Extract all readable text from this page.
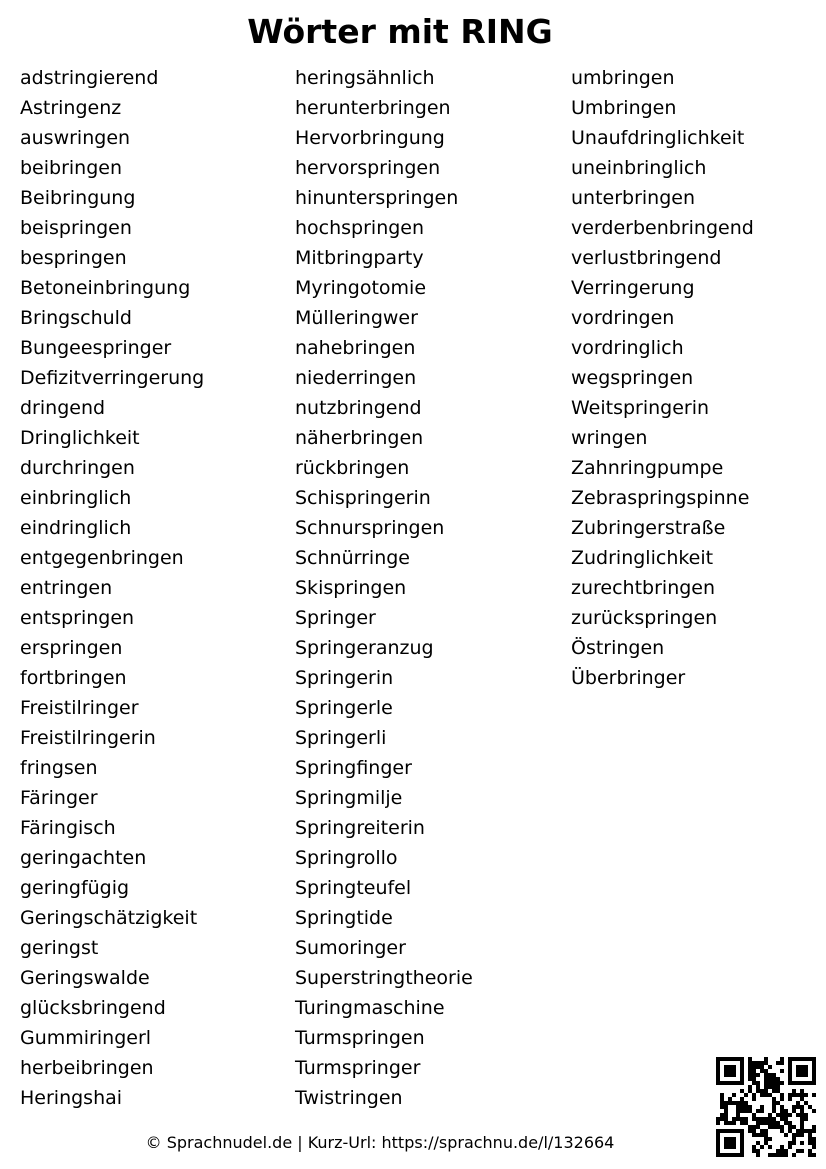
Wörter mit RING
adstringierend
Astringenz
auswringen
beibringen
Beibringung
beispringen
bespringen
Betoneinbringung
Bringschuld
Bungeespringer
Defizitverringerung
dringend
Dringlichkeit
durchringen
einbringlich
eindringlich
entgegenbringen
entringen
entspringen
erspringen
fortbringen
Freistilringer
Freistilringerin
fringsen
Färinger
Färingisch
geringachten
geringfügig
Geringschätzigkeit
geringst
Geringswalde
glücksbringend
Gummiringerl
herbeibringen
Heringshai
heringsähnlich
herunterbringen
Hervorbringung
hervorspringen
hinunterspringen
hochspringen
Mitbringparty
Myringotomie
Mülleringwer
nahebringen
niederringen
nutzbringend
näherbringen
rückbringen
Schispringerin
Schnurspringen
Schnürringe
Skispringen
Springer
Springeranzug
Springerin
Springerle
Springerli
Springfinger
Springmilje
Springreiterin
Springrollo
Springteufel
Springtide
Sumoringer
Superstringtheorie
Turingmaschine
Turmspringen
Turmspringer
Twistringen
umbringen
Umbringen
Unaufdringlichkeit
uneinbringlich
unterbringen
verderbenbringend
verlustbringend
Verringerung
vordringen
vordringlich
wegspringen
Weitspringerin
wringen
Zahnringpumpe
Zebraspringspinne
Zubringerstraße
Zudringlichkeit
zurechtbringen
zurückspringen
Östringen
Überbringer
© Sprachnudel.de | Kurz-Url: https://sprachnu.de/l/132664
